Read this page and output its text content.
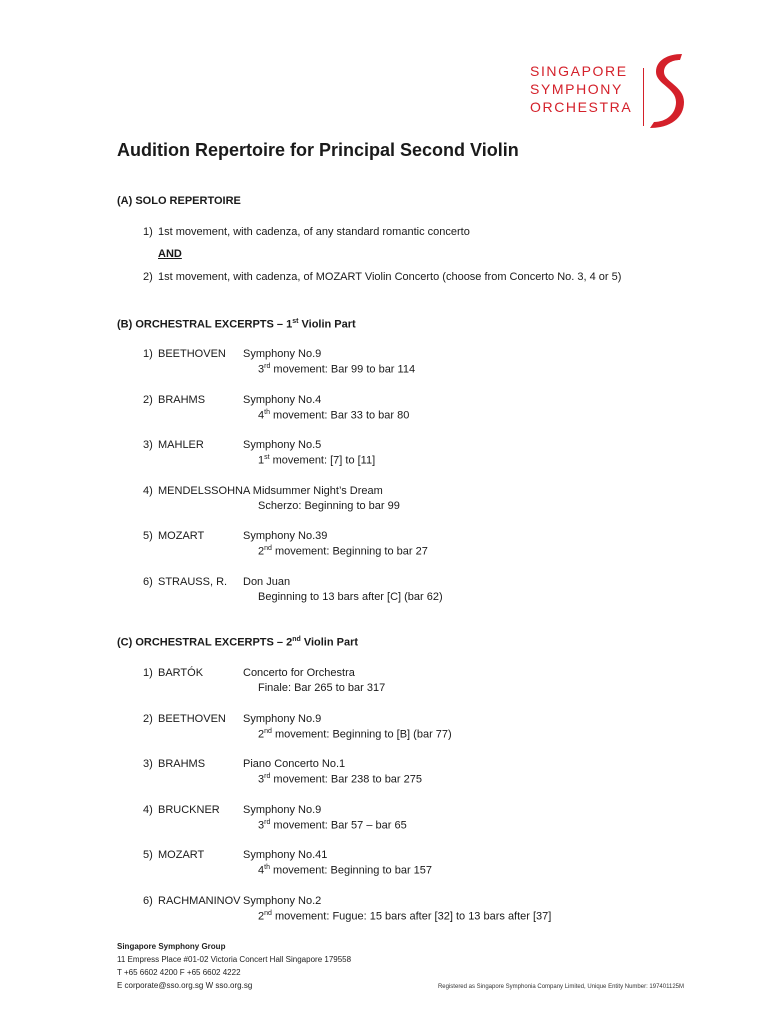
SINGAPORE
SYMPHONY
ORCHESTRA
Audition Repertoire for Principal Second Violin
(A) SOLO REPERTOIRE
1) 1st movement, with cadenza, of any standard romantic concerto
AND
2) 1st movement, with cadenza, of MOZART Violin Concerto (choose from Concerto No. 3, 4 or 5)
(B) ORCHESTRAL EXCERPTS – 1st Violin Part
1) BEETHOVEN Symphony No.9
3rd movement: Bar 99 to bar 114
2) BRAHMS	Symphony No.4
4th movement: Bar 33 to bar 80
3) MAHLER	Symphony No.5
1st movement: [7] to [11]
4) MENDELSSOHN A Midsummer Night’s Dream
Scherzo: Beginning to bar 99
5) MOZART	Symphony No.39
2nd movement: Beginning to bar 27
6) STRAUSS, R. Don Juan
Beginning to 13 bars after [C] (bar 62)
(C) ORCHESTRAL EXCERPTS – 2nd Violin Part
1) BARTÓK	Concerto for Orchestra
Finale: Bar 265 to bar 317
2) BEETHOVEN Symphony No.9
2nd movement: Beginning to [B] (bar 77)
3) BRAHMS	Piano Concerto No.1
3rd movement: Bar 238 to bar 275
4) BRUCKNER Symphony No.9
3rd movement: Bar 57 – bar 65
5) MOZART	Symphony No.41
4th movement: Beginning to bar 157
6) RACHMANINOV Symphony No.2
2nd movement: Fugue: 15 bars after [32] to 13 bars after [37]
Singapore Symphony Group
11 Empress Place #01-02 Victoria Concert Hall Singapore 179558
T +65 6602 4200 F +65 6602 4222
E corporate@sso.org.sg W sso.org.sg	Registered as Singapore Symphonia Company Limited, Unique Entity Number: 197401125M
